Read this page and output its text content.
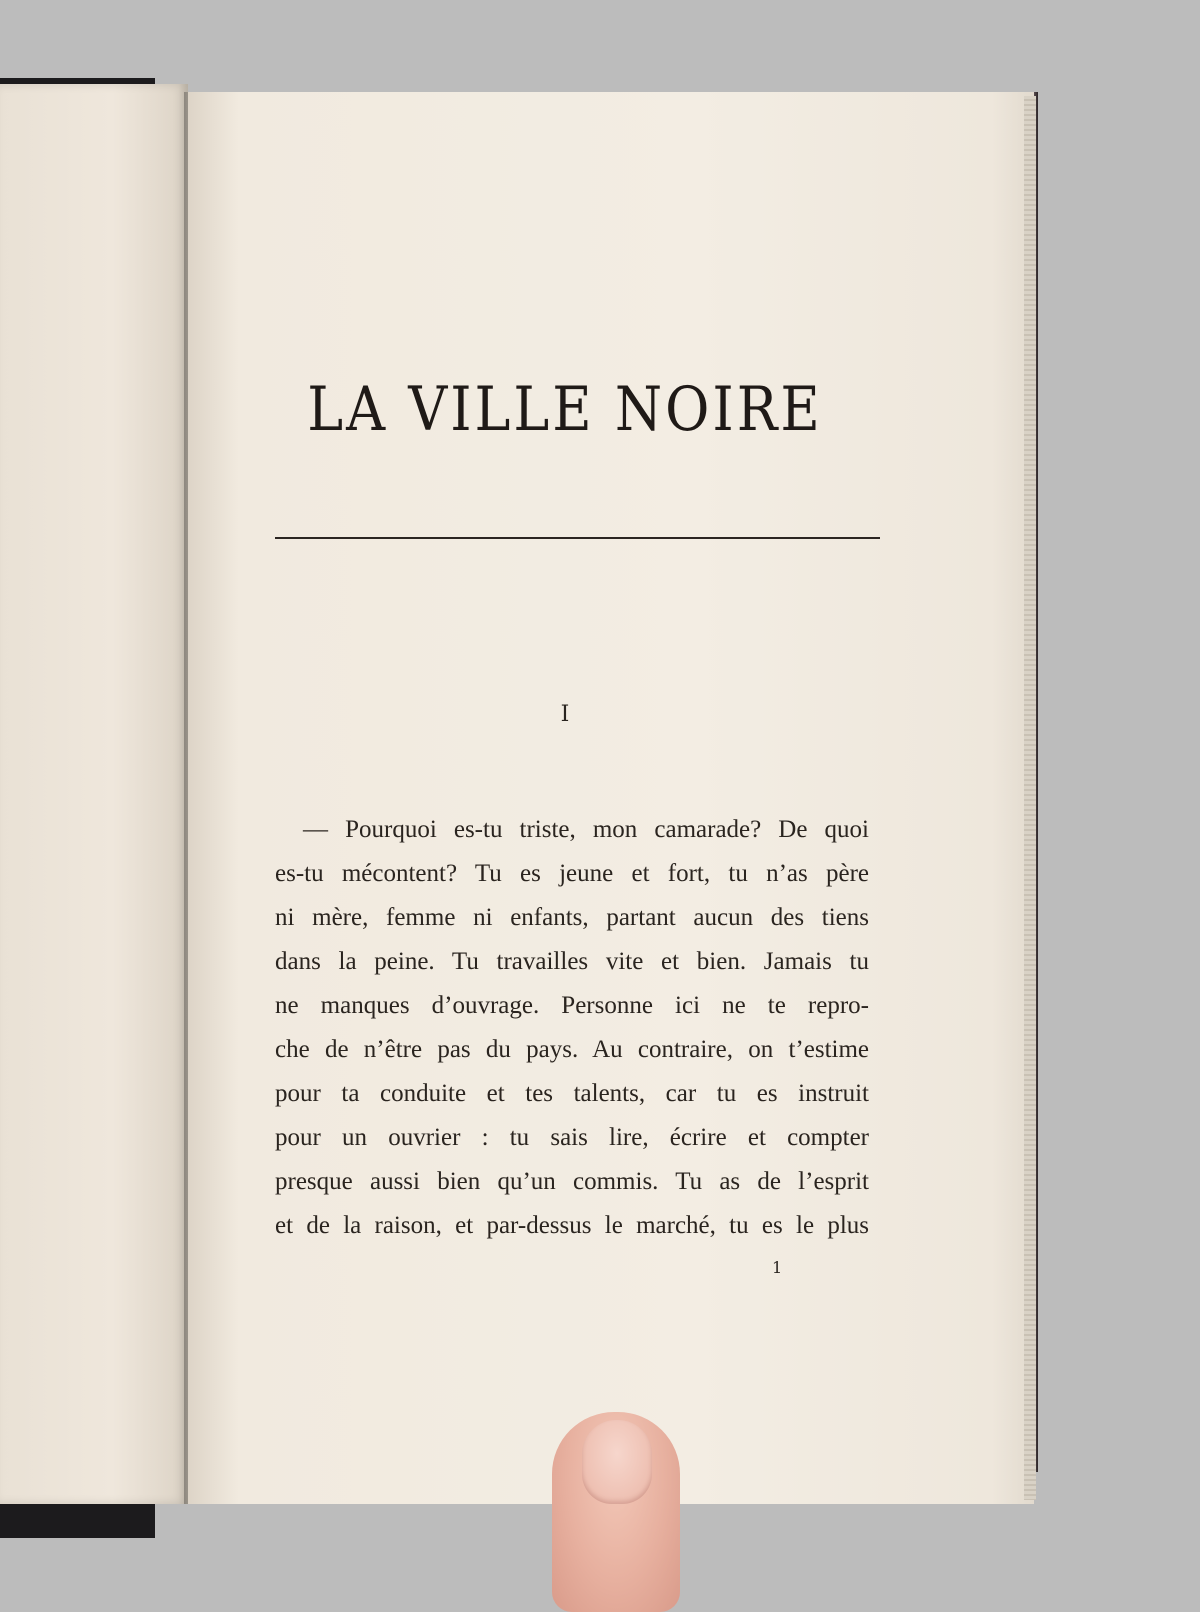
LA VILLE NOIRE
I
— Pourquoi es-tu triste, mon camarade? De quoi
es-tu mécontent? Tu es jeune et fort, tu n’as père
ni mère, femme ni enfants, partant aucun des tiens
dans la peine. Tu travailles vite et bien. Jamais tu
ne manques d’ouvrage. Personne ici ne te repro-
che de n’être pas du pays. Au contraire, on t’estime
pour ta conduite et tes talents, car tu es instruit
pour un ouvrier : tu sais lire, écrire et compter
presque aussi bien qu’un commis. Tu as de l’esprit
et de la raison, et par-dessus le marché, tu es le plus
1
